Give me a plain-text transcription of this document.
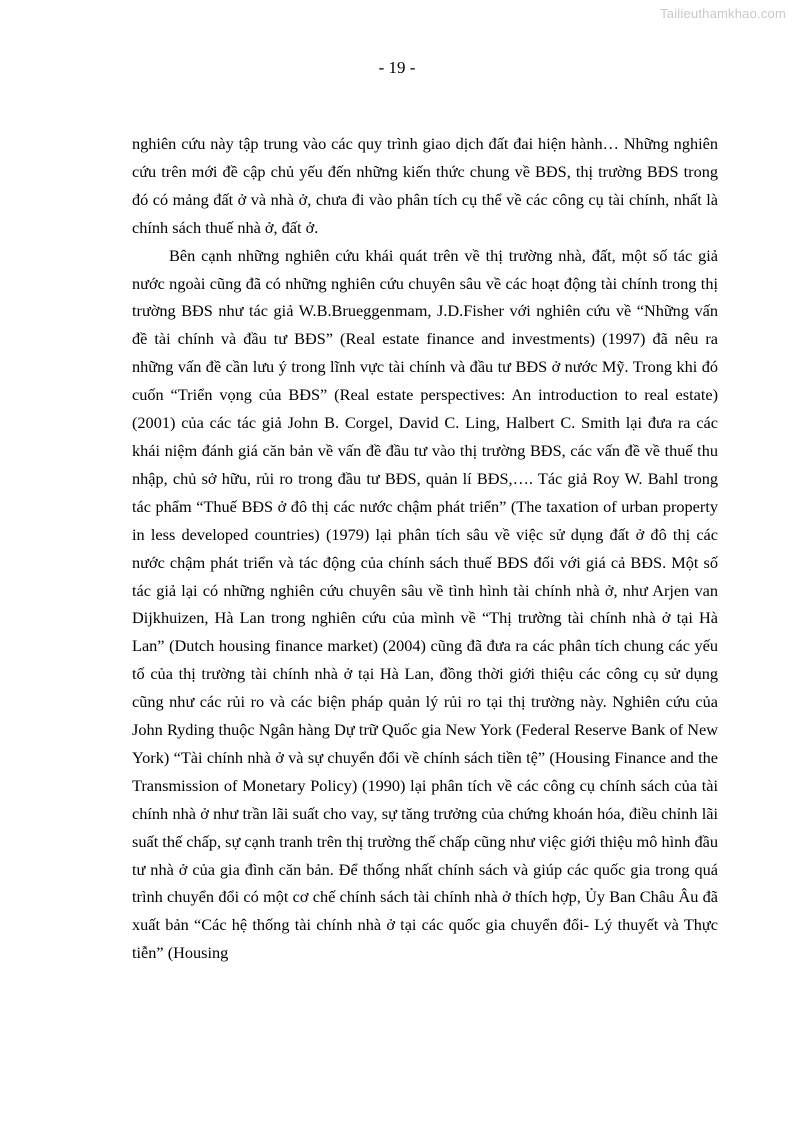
Tailieuthamkhao.com
- 19 -

nghiên cứu này tập trung vào các quy trình giao dịch đất đai hiện hành… Những nghiên cứu trên mới đề cập chủ yếu đến những kiến thức chung về BĐS, thị trường BĐS trong đó có mảng đất ở và nhà ở, chưa đi vào phân tích cụ thể về các công cụ tài chính, nhất là chính sách thuế nhà ở, đất ở.

Bên cạnh những nghiên cứu khái quát trên về thị trường nhà, đất, một số tác giả nước ngoài cũng đã có những nghiên cứu chuyên sâu về các hoạt động tài chính trong thị trường BĐS như tác giả W.B.Brueggenmam, J.D.Fisher với nghiên cứu về “Những vấn đề tài chính và đầu tư BĐS” (Real estate finance and investments) (1997) đã nêu ra những vấn đề cần lưu ý trong lĩnh vực tài chính và đầu tư BĐS ở nước Mỹ. Trong khi đó cuốn “Triển vọng của BĐS” (Real estate perspectives: An introduction to real estate) (2001) của các tác giả John B. Corgel, David C. Ling, Halbert C. Smith lại đưa ra các khái niệm đánh giá căn bản về vấn đề đầu tư vào thị trường BĐS, các vấn đề về thuế thu nhập, chủ sở hữu, rủi ro trong đầu tư BĐS, quản lí BĐS,…. Tác giả Roy W. Bahl trong tác phẩm “Thuế BĐS ở đô thị các nước chậm phát triển” (The taxation of urban property in less developed countries) (1979) lại phân tích sâu về việc sử dụng đất ở đô thị các nước chậm phát triển và tác động của chính sách thuế BĐS đối với giá cả BĐS. Một số tác giả lại có những nghiên cứu chuyên sâu về tình hình tài chính nhà ở, như Arjen van Dijkhuizen, Hà Lan trong nghiên cứu của mình về “Thị trường tài chính nhà ở tại Hà Lan” (Dutch housing finance market) (2004) cũng đã đưa ra các phân tích chung các yếu tố của thị trường tài chính nhà ở tại Hà Lan, đồng thời giới thiệu các công cụ sử dụng cũng như các rủi ro và các biện pháp quản lý rủi ro tại thị trường này. Nghiên cứu của John Ryding thuộc Ngân hàng Dự trữ Quốc gia New York (Federal Reserve Bank of New York) “Tài chính nhà ở và sự chuyển đổi về chính sách tiền tệ” (Housing Finance and the Transmission of Monetary Policy) (1990) lại phân tích về các công cụ chính sách của tài chính nhà ở như trần lãi suất cho vay, sự tăng trưởng của chứng khoán hóa, điều chỉnh lãi suất thế chấp, sự cạnh tranh trên thị trường thế chấp cũng như việc giới thiệu mô hình đầu tư nhà ở của gia đình căn bản. Để thống nhất chính sách và giúp các quốc gia trong quá trình chuyển đổi có một cơ chế chính sách tài chính nhà ở thích hợp, Ủy Ban Châu Âu đã xuất bản “Các hệ thống tài chính nhà ở tại các quốc gia chuyển đổi- Lý thuyết và Thực tiễn” (Housing
